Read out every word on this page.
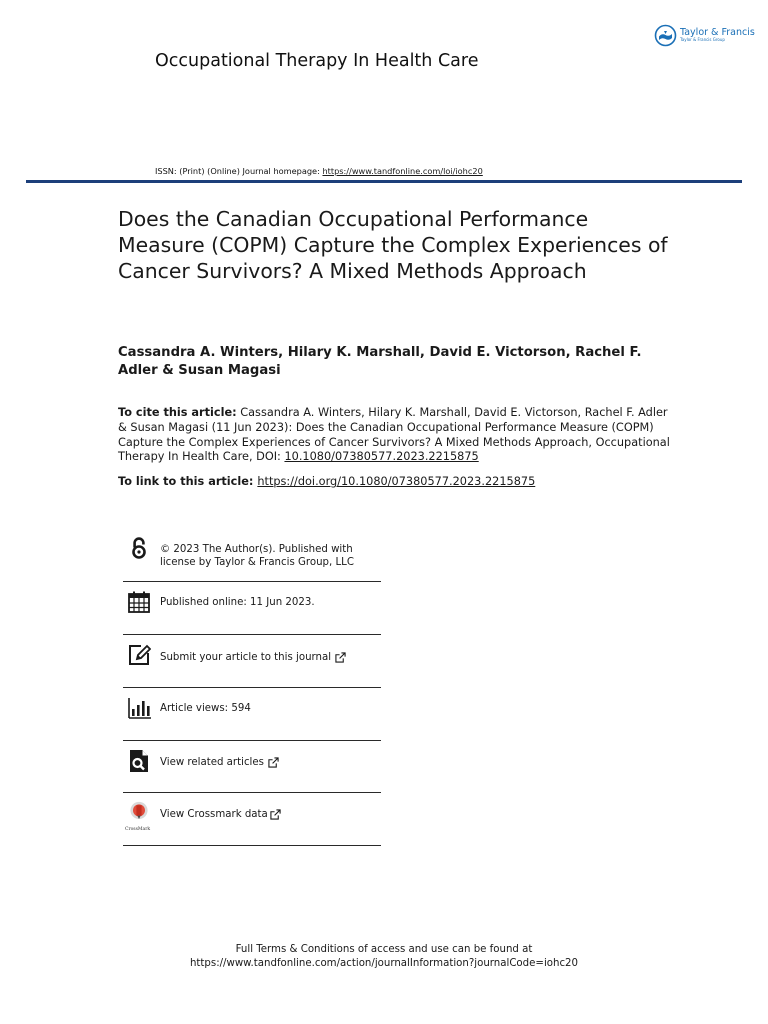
Taylor & Francis
Taylor & Francis Group
Occupational Therapy In Health Care
ISSN: (Print) (Online) Journal homepage: https://www.tandfonline.com/loi/iohc20
Does the Canadian Occupational Performance Measure (COPM) Capture the Complex Experiences of Cancer Survivors? A Mixed Methods Approach
Cassandra A. Winters, Hilary K. Marshall, David E. Victorson, Rachel F. Adler & Susan Magasi
To cite this article: Cassandra A. Winters, Hilary K. Marshall, David E. Victorson, Rachel F. Adler & Susan Magasi (11 Jun 2023): Does the Canadian Occupational Performance Measure (COPM) Capture the Complex Experiences of Cancer Survivors? A Mixed Methods Approach, Occupational Therapy In Health Care, DOI: 10.1080/07380577.2023.2215875
To link to this article: https://doi.org/10.1080/07380577.2023.2215875
© 2023 The Author(s). Published with
license by Taylor & Francis Group, LLC
Published online: 11 Jun 2023.
Submit your article to this journal
Article views: 594
View related articles
CrossMark
View Crossmark data
Full Terms & Conditions of access and use can be found at
https://www.tandfonline.com/action/journalInformation?journalCode=iohc20
